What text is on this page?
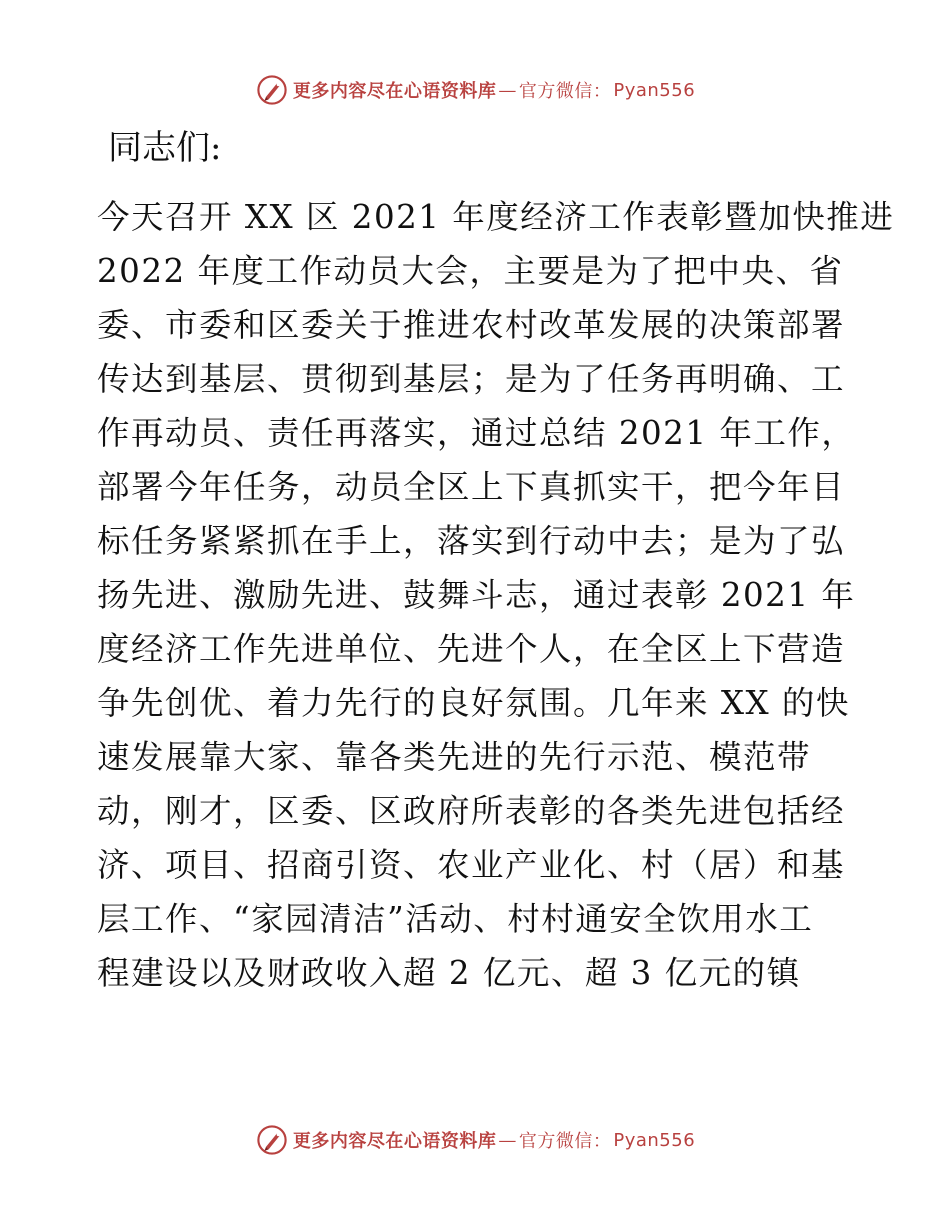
更多内容尽在心语资料库 — 官方微信： Pyan556
同志们:
今天召开 XX 区 2021 年度经济工作表彰暨加快推进
2022 年度工作动员大会，主要是为了把中央、省
委、市委和区委关于推进农村改革发展的决策部署
传达到基层、贯彻到基层；是为了任务再明确、工
作再动员、责任再落实，通过总结 2021 年工作，
部署今年任务，动员全区上下真抓实干，把今年目
标任务紧紧抓在手上，落实到行动中去；是为了弘
扬先进、激励先进、鼓舞斗志，通过表彰 2021 年
度经济工作先进单位、先进个人，在全区上下营造
争先创优、着力先行的良好氛围。几年来 XX 的快
速发展靠大家、靠各类先进的先行示范、模范带
动，刚才，区委、区政府所表彰的各类先进包括经
济、项目、招商引资、农业产业化、村（居）和基
层工作、“家园清洁”活动、村村通安全饮用水工
程建设以及财政收入超 2 亿元、超 3 亿元的镇
更多内容尽在心语资料库 — 官方微信： Pyan556
